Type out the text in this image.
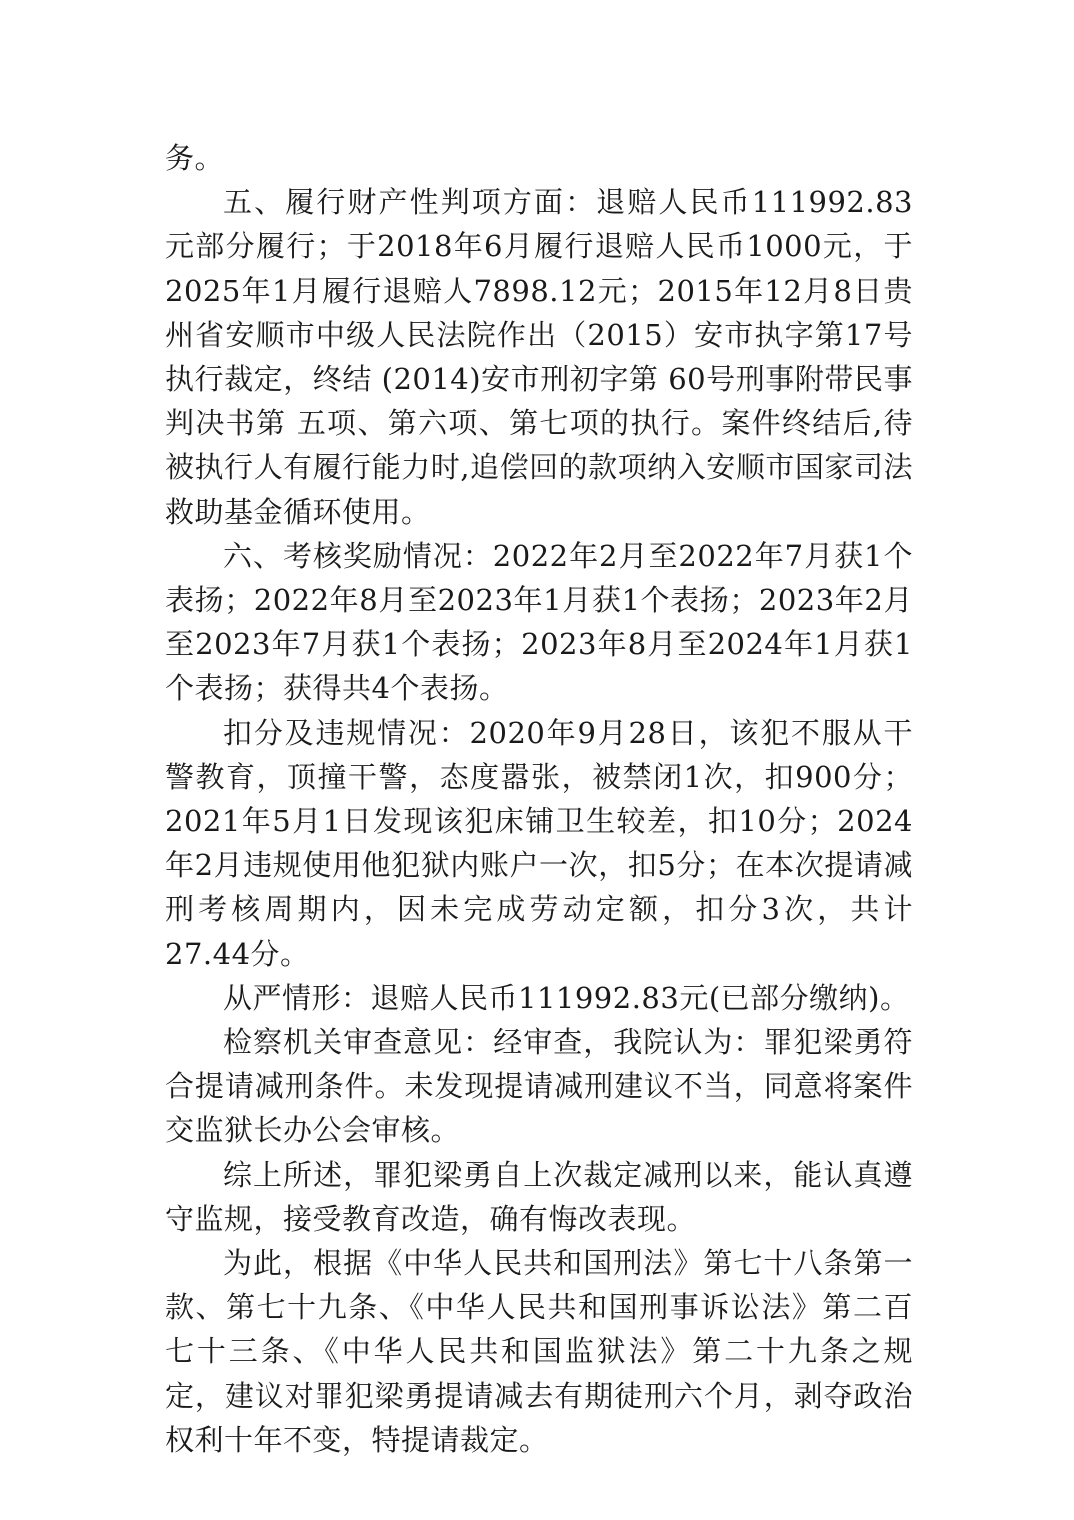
务。

五、履行财产性判项方面：退赔人民币111992.83元部分履行；于2018年6月履行退赔人民币1000元，于2025年1月履行退赔人7898.12元；2015年12月8日贵州省安顺市中级人民法院作出（2015）安市执字第17号执行裁定，终结 (2014)安市刑初字第 60号刑事附带民事判决书第 五项、第六项、第七项的执行。案件终结后,待被执行人有履行能力时,追偿回的款项纳入安顺市国家司法救助基金循环使用。

六、考核奖励情况：2022年2月至2022年7月获1个表扬；2022年8月至2023年1月获1个表扬；2023年2月至2023年7月获1个表扬；2023年8月至2024年1月获1个表扬；获得共4个表扬。

扣分及违规情况：2020年9月28日，该犯不服从干警教育，顶撞干警，态度嚣张，被禁闭1次，扣900分；2021年5月1日发现该犯床铺卫生较差，扣10分；2024年2月违规使用他犯狱内账户一次，扣5分；在本次提请减刑考核周期内，因未完成劳动定额，扣分3次，共计27.44分。

从严情形：退赔人民币111992.83元(已部分缴纳)。

检察机关审查意见：经审查，我院认为：罪犯梁勇符合提请减刑条件。未发现提请减刑建议不当，同意将案件交监狱长办公会审核。

综上所述，罪犯梁勇自上次裁定减刑以来，能认真遵守监规，接受教育改造，确有悔改表现。

为此，根据《中华人民共和国刑法》第七十八条第一款、第七十九条、《中华人民共和国刑事诉讼法》第二百七十三条、《中华人民共和国监狱法》第二十九条之规定，建议对罪犯梁勇提请减去有期徒刑六个月，剥夺政治权利十年不变，特提请裁定。
